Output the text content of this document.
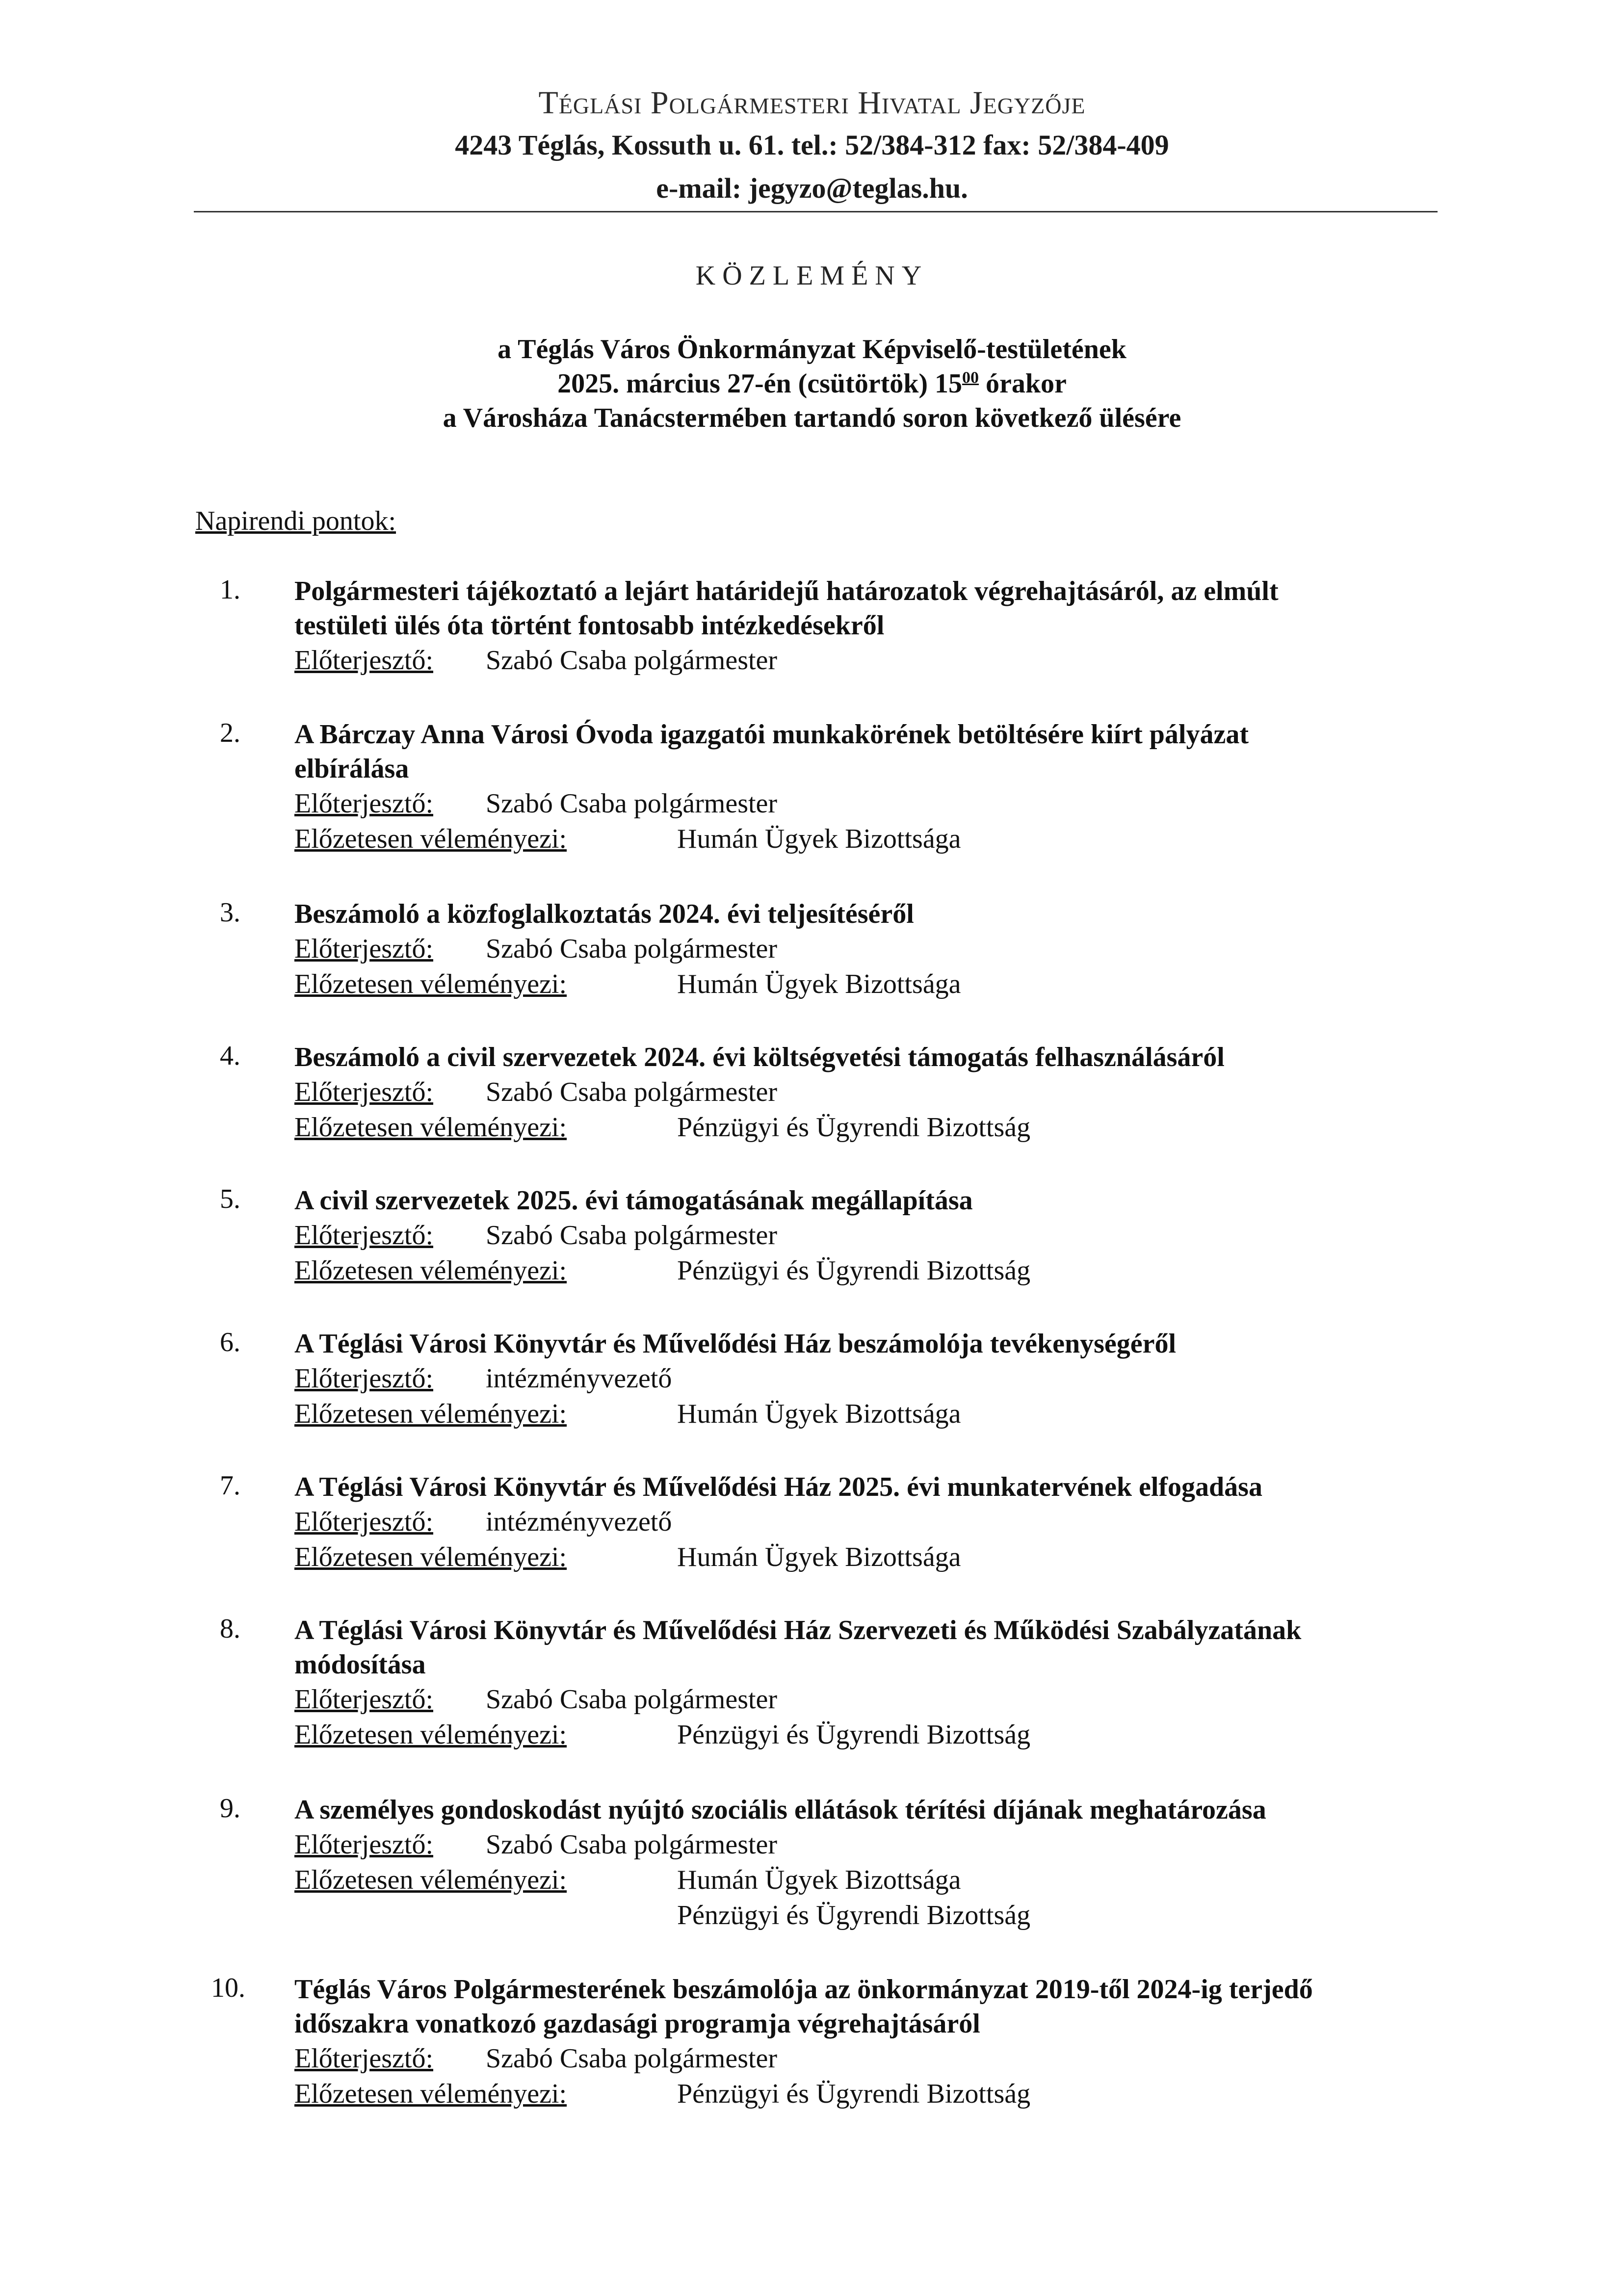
Téglási Polgármesteri Hivatal Jegyzője
4243 Téglás, Kossuth u. 61. tel.: 52/384-312 fax: 52/384-409
e-mail: jegyzo@teglas.hu.
KÖZLEMÉNY
a Téglás Város Önkormányzat Képviselő-testületének
2025. március 27-én (csütörtök) $15^{00}$ órakor
a Városháza Tanácstermében tartandó soron következő ülésére
Napirendi pontok:
1. Polgármesteri tájékoztató a lejárt határidejű határozatok végrehajtásáról, az elmúlt
testületi ülés óta történt fontosabb intézkedésekről
Előterjesztő: Szabó Csaba polgármester
2. A Bárczay Anna Városi Óvoda igazgatói munkakörének betöltésére kiírt pályázat
elbírálása
Előterjesztő: Szabó Csaba polgármester
Előzetesen véleményezi:	Humán Ügyek Bizottsága
3. Beszámoló a közfoglalkoztatás 2024. évi teljesítéséről
Előterjesztő: Szabó Csaba polgármester
Előzetesen véleményezi:	Humán Ügyek Bizottsága
4. Beszámoló a civil szervezetek 2024. évi költségvetési támogatás felhasználásáról
Előterjesztő: Szabó Csaba polgármester
Előzetesen véleményezi:	Pénzügyi és Ügyrendi Bizottság
5. A civil szervezetek 2025. évi támogatásának megállapítása
Előterjesztő: Szabó Csaba polgármester
Előzetesen véleményezi:	Pénzügyi és Ügyrendi Bizottság
6. A Téglási Városi Könyvtár és Művelődési Ház beszámolója tevékenységéről
Előterjesztő: intézményvezető
Előzetesen véleményezi:	Humán Ügyek Bizottsága
7. A Téglási Városi Könyvtár és Művelődési Ház 2025. évi munkatervének elfogadása
Előterjesztő: intézményvezető
Előzetesen véleményezi:	Humán Ügyek Bizottsága
8. A Téglási Városi Könyvtár és Művelődési Ház Szervezeti és Működési Szabályzatának
módosítása
Előterjesztő: Szabó Csaba polgármester
Előzetesen véleményezi:	Pénzügyi és Ügyrendi Bizottság
9. A személyes gondoskodást nyújtó szociális ellátások térítési díjának meghatározása
Előterjesztő: Szabó Csaba polgármester
Előzetesen véleményezi:	Humán Ügyek Bizottsága
Pénzügyi és Ügyrendi Bizottság
10. Téglás Város Polgármesterének beszámolója az önkormányzat 2019-től 2024-ig terjedő
időszakra vonatkozó gazdasági programja végrehajtásáról
Előterjesztő: Szabó Csaba polgármester
Előzetesen véleményezi:	Pénzügyi és Ügyrendi Bizottság
